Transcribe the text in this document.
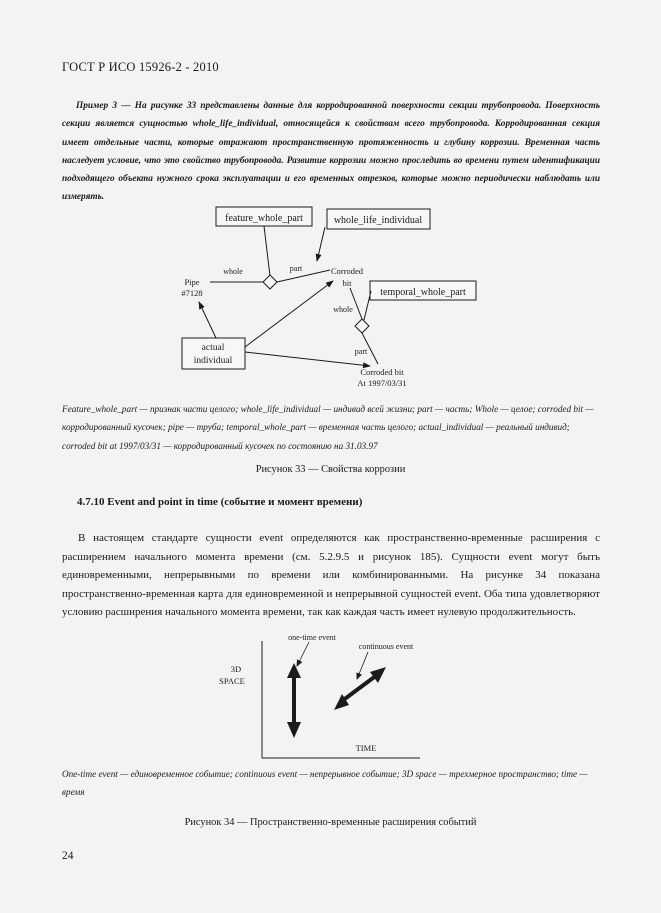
ГОСТ Р ИСО 15926-2 - 2010

Пример 3 — На рисунке 33 представлены данные для корродированной поверхности секции трубопровода. Поверхность секции является сущностью whole_life_individual, относящейся к свойствам всего трубопровода. Корродированная секция имеет отдельные части, которые отражают пространственную протяженность и глубину коррозии. Временная часть наследует условие, что это свойство трубопровода. Развитие коррозии можно проследить во времени путем идентификации подходящего объекта нужного срока эксплуатации и его временных отрезков, которые можно периодически наблюдать или измерять.

feature_whole_part	whole_life_individual
temporal_whole_part
actual
individual
Pipe
#7128
whole	part	Corroded
bit
whole
part
Corroded bit
At 1997/03/31
Feature_whole_part — признак части целого; whole_life_individual — индивид всей жизни; part — часть; Whole — целое; corroded bit — корродированный кусочек; pipe — труба; temporal_whole_part — временная часть целого; actual_individual — реальный индивид; corroded bit at 1997/03/31 — корродированный кусочек по состоянию на 31.03.97
Рисунок 33 — Свойства коррозии
4.7.10 Event and point in time (событие и момент времени)

В настоящем стандарте сущности event определяются как пространственно-временные расширения с расширением начального момента времени (см. 5.2.9.5 и рисунок 185). Сущности event могут быть единовременными, непрерывными по времени или комбинированными. На рисунке 34 показана пространственно-временная карта для единовременной и непрерывной сущностей event. Оба типа удовлетворяют условию расширения начального момента времени, так как каждая часть имеет нулевую продолжительность.

3D
SPACE
TIME
one-time event
continuous event
One-time event — единовременное событие; continuous event — непрерывное событие; 3D space — трехмерное пространство; time — время
Рисунок 34 — Пространственно-временные расширения событий
24
